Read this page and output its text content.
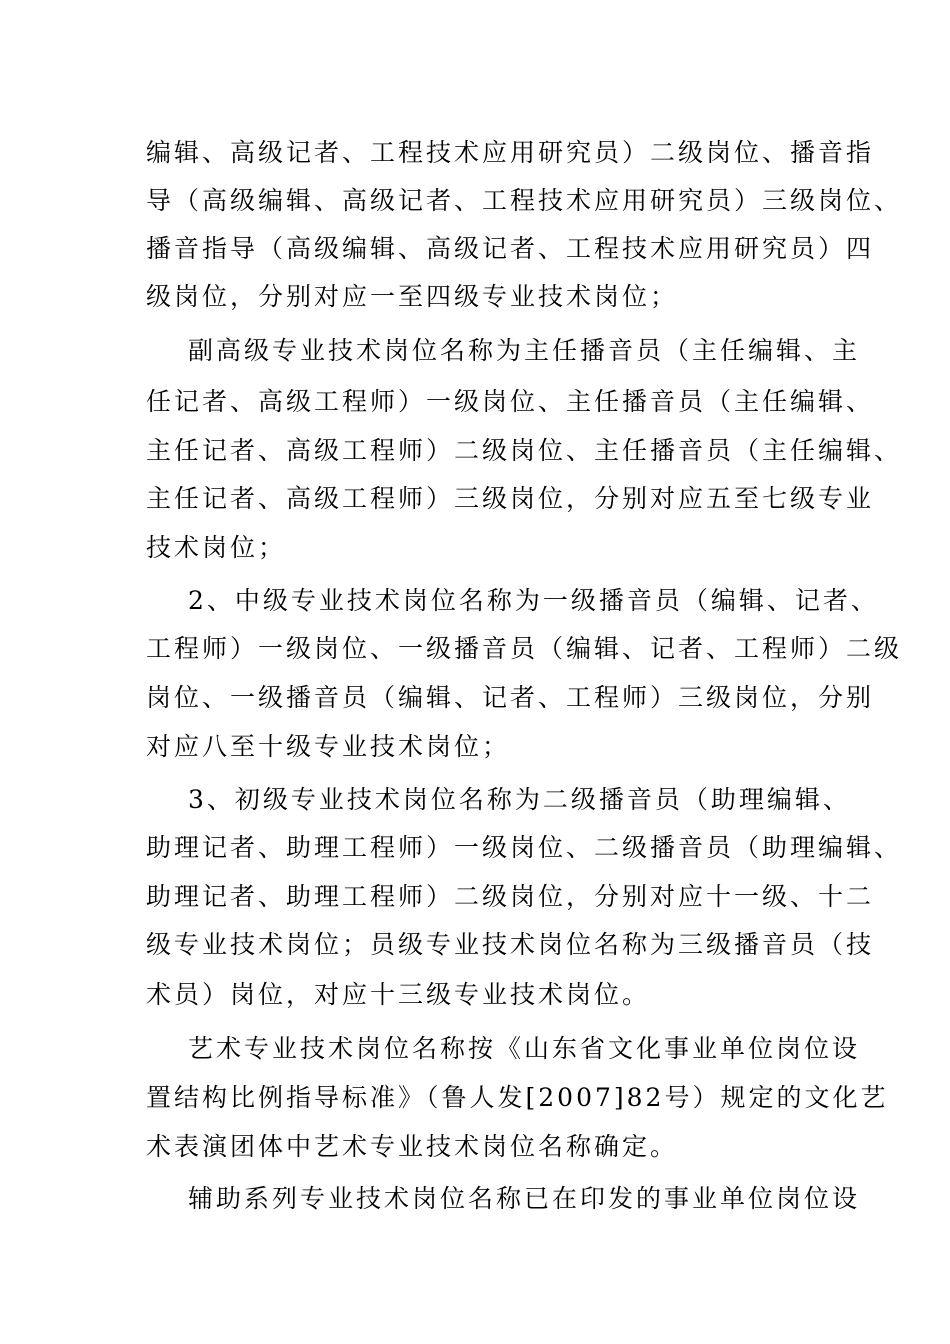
编辑、高级记者、工程技术应用研究员）二级岗位、播音指
导（高级编辑、高级记者、工程技术应用研究员）三级岗位、
播音指导（高级编辑、高级记者、工程技术应用研究员）四
级岗位，分别对应一至四级专业技术岗位；
副高级专业技术岗位名称为主任播音员（主任编辑、主
任记者、高级工程师）一级岗位、主任播音员（主任编辑、
主任记者、高级工程师）二级岗位、主任播音员（主任编辑、
主任记者、高级工程师）三级岗位，分别对应五至七级专业
技术岗位；
2、中级专业技术岗位名称为一级播音员（编辑、记者、
工程师）一级岗位、一级播音员（编辑、记者、工程师）二级
岗位、一级播音员（编辑、记者、工程师）三级岗位，分别
对应八至十级专业技术岗位；
3、初级专业技术岗位名称为二级播音员（助理编辑、
助理记者、助理工程师）一级岗位、二级播音员（助理编辑、
助理记者、助理工程师）二级岗位，分别对应十一级、十二
级专业技术岗位；员级专业技术岗位名称为三级播音员（技
术员）岗位，对应十三级专业技术岗位。
艺术专业技术岗位名称按《山东省文化事业单位岗位设
置结构比例指导标准》（鲁人发[2007]82号）规定的文化艺
术表演团体中艺术专业技术岗位名称确定。
辅助系列专业技术岗位名称已在印发的事业单位岗位设
